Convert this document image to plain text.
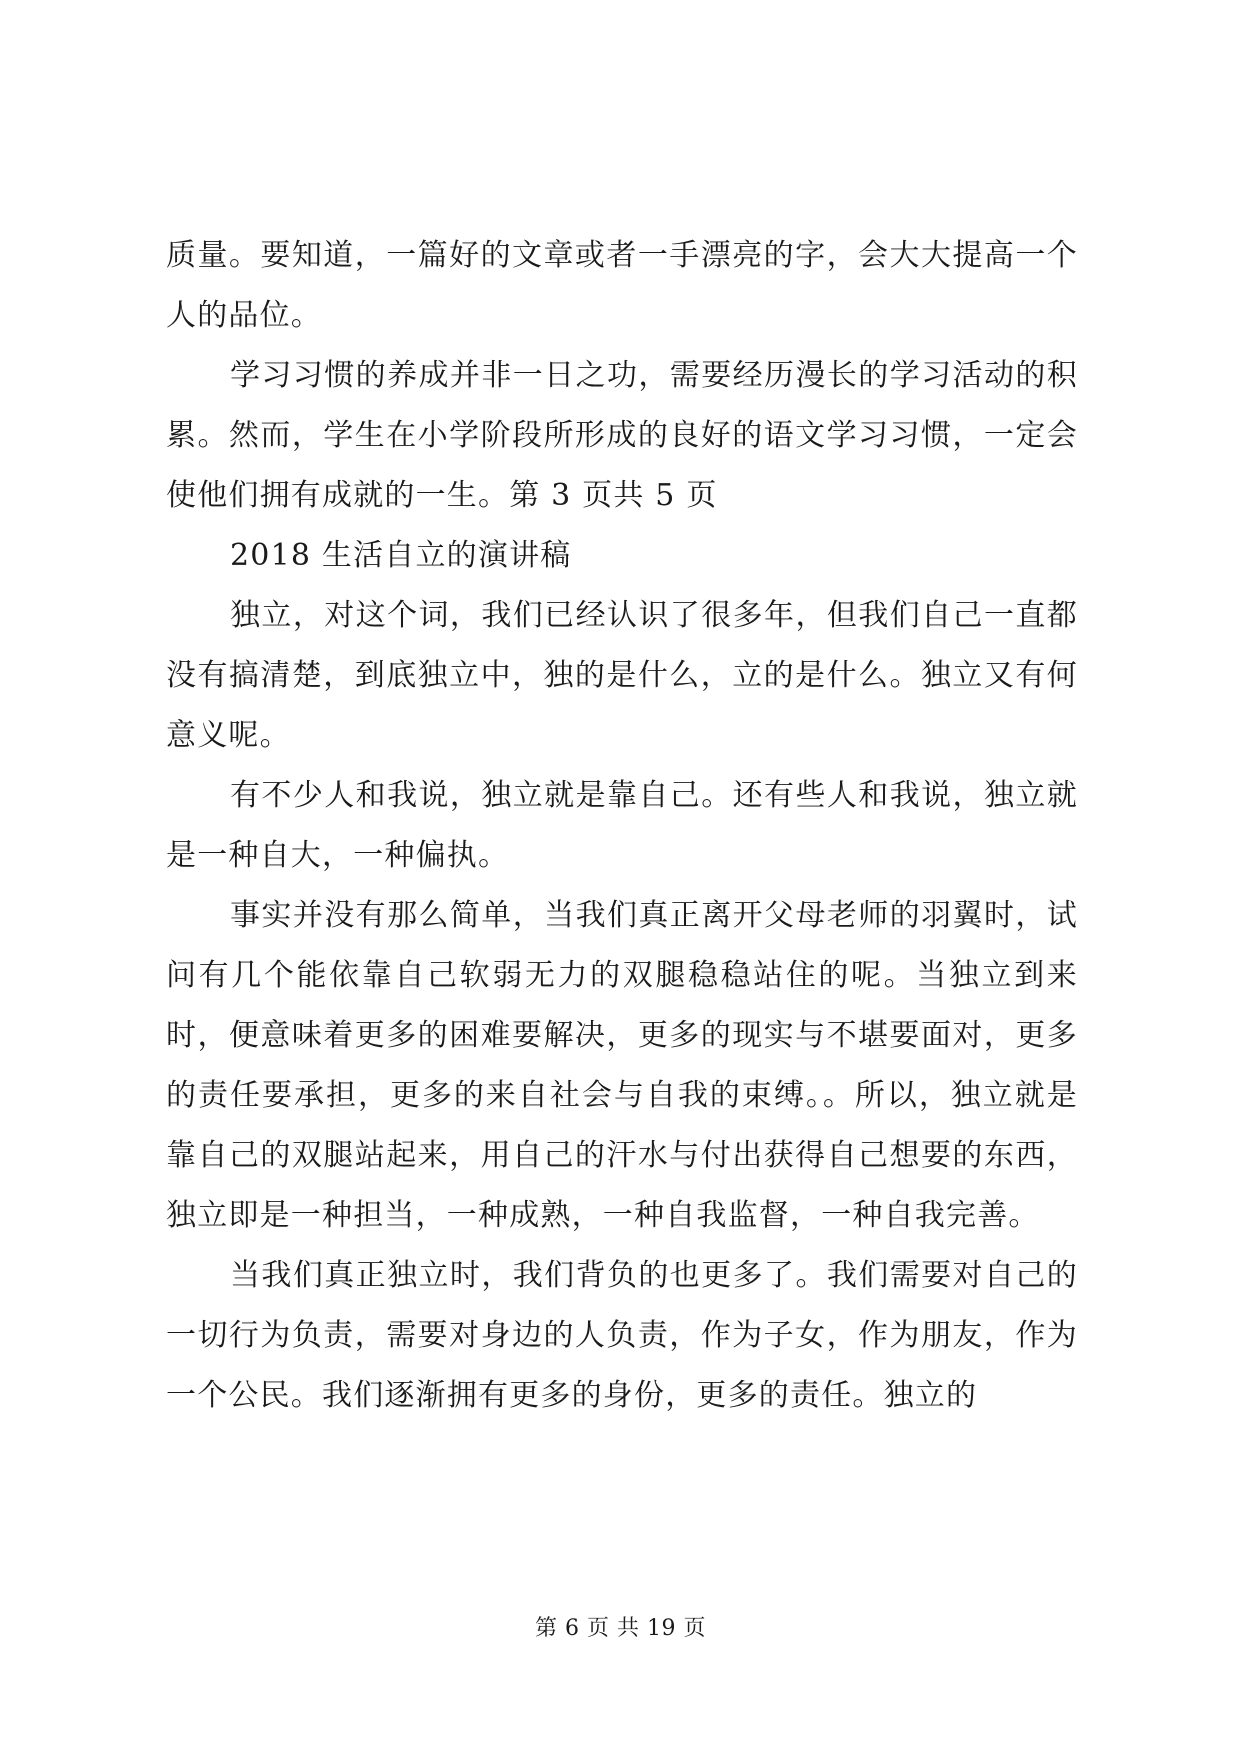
质量。要知道，一篇好的文章或者一手漂亮的字，会大大提高一个人的品位。

学习习惯的养成并非一日之功，需要经历漫长的学习活动的积累。然而，学生在小学阶段所形成的良好的语文学习习惯，一定会使他们拥有成就的一生。第 3 页共 5 页

2018 生活自立的演讲稿

独立，对这个词，我们已经认识了很多年，但我们自己一直都没有搞清楚，到底独立中，独的是什么，立的是什么。独立又有何意义呢。

有不少人和我说，独立就是靠自己。还有些人和我说，独立就是一种自大，一种偏执。

事实并没有那么简单，当我们真正离开父母老师的羽翼时，试问有几个能依靠自己软弱无力的双腿稳稳站住的呢。当独立到来时，便意味着更多的困难要解决，更多的现实与不堪要面对，更多的责任要承担，更多的来自社会与自我的束缚。。所以，独立就是靠自己的双腿站起来，用自己的汗水与付出获得自己想要的东西，独立即是一种担当，一种成熟，一种自我监督，一种自我完善。

当我们真正独立时，我们背负的也更多了。我们需要对自己的一切行为负责，需要对身边的人负责，作为子女，作为朋友，作为一个公民。我们逐渐拥有更多的身份，更多的责任。独立的

第 6 页 共 19 页
